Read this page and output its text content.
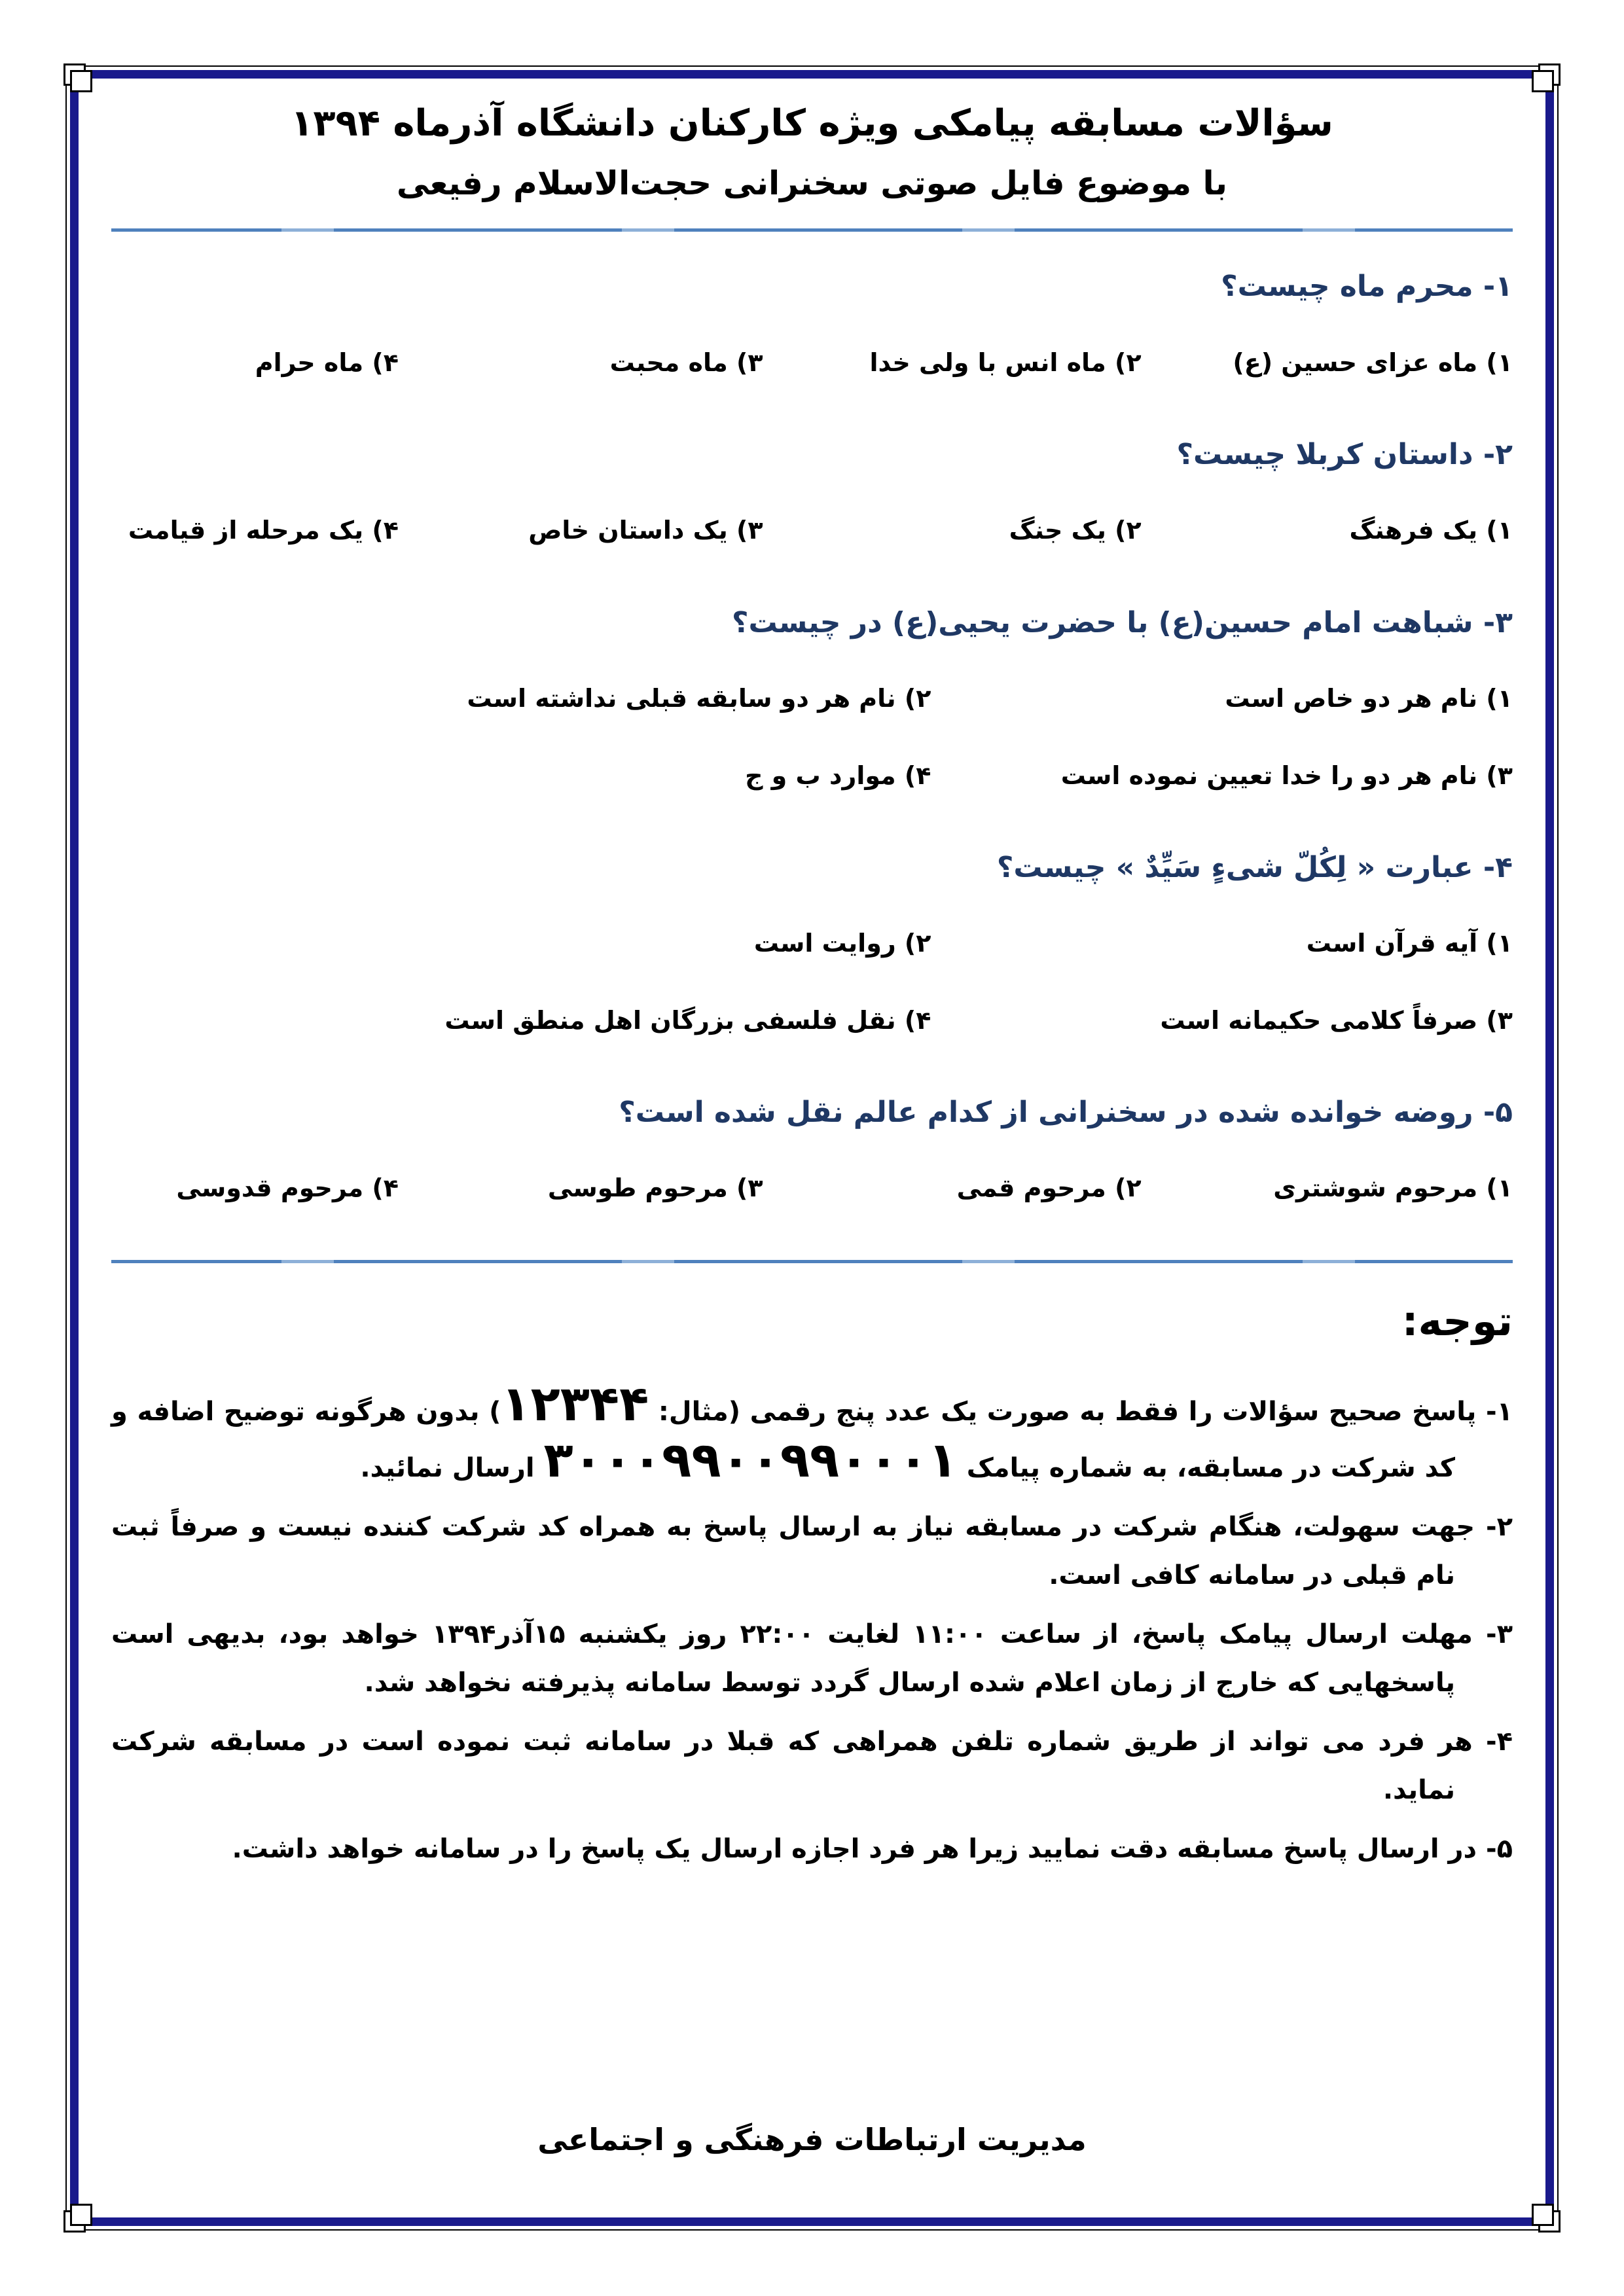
سؤالات مسابقه پیامکی ویژه کارکنان دانشگاه آذرماه ۱۳۹۴
با موضوع فایل صوتی سخنرانی حجت‌الاسلام رفیعی
۱- محرم ماه چیست؟
۱) ماه عزای حسین (ع)
۲) ماه انس با ولی خدا
۳) ماه محبت
۴) ماه حرام
۲- داستان کربلا چیست؟
۱) یک فرهنگ
۲) یک جنگ
۳) یک داستان خاص
۴) یک مرحله از قیامت
۳- شباهت امام حسین(ع) با حضرت یحیی(ع) در چیست؟
۱) نام هر دو خاص است
۲) نام هر دو سابقه قبلی نداشته است
۳) نام هر دو را خدا تعیین نموده است
۴) موارد ب و ج
۴- عبارت « لِکُلّ شیءٍ سَیِّدٌ » چیست؟
۱) آیه قرآن است
۲) روایت است
۳) صرفاً کلامی حکیمانه است
۴) نقل فلسفی بزرگان اهل منطق است
۵- روضه خوانده شده در سخنرانی از کدام عالم نقل شده است؟
۱) مرحوم شوشتری
۲) مرحوم قمی
۳) مرحوم طوسی
۴) مرحوم قدوسی
توجه:
۱- پاسخ صحیح سؤالات را فقط به صورت یک عدد پنج رقمی (مثال: ۱۲۳۴۴) بدون هرگونه توضیح اضافه و کد شرکت در مسابقه، به شماره پیامک ۳۰۰۰۹۹۰۰۹۹۰۰۰۱ ارسال نمائید.
۲- جهت سهولت، هنگام شرکت در مسابقه نیاز به ارسال پاسخ به همراه کد شرکت کننده نیست و صرفاً ثبت نام قبلی در سامانه کافی است.
۳- مهلت ارسال پیامک پاسخ، از ساعت ۱۱:۰۰ لغایت ۲۲:۰۰ روز یکشنبه ۱۵آذر۱۳۹۴ خواهد بود، بدیهی است پاسخهایی که خارج از زمان اعلام شده ارسال گردد توسط سامانه پذیرفته نخواهد شد.
۴- هر فرد می تواند از طریق شماره تلفن همراهی که قبلا در سامانه ثبت نموده است در مسابقه شرکت نماید.
۵- در ارسال پاسخ مسابقه دقت نمایید زیرا هر فرد اجازه ارسال یک پاسخ را در سامانه خواهد داشت.
مدیریت ارتباطات فرهنگی و اجتماعی
